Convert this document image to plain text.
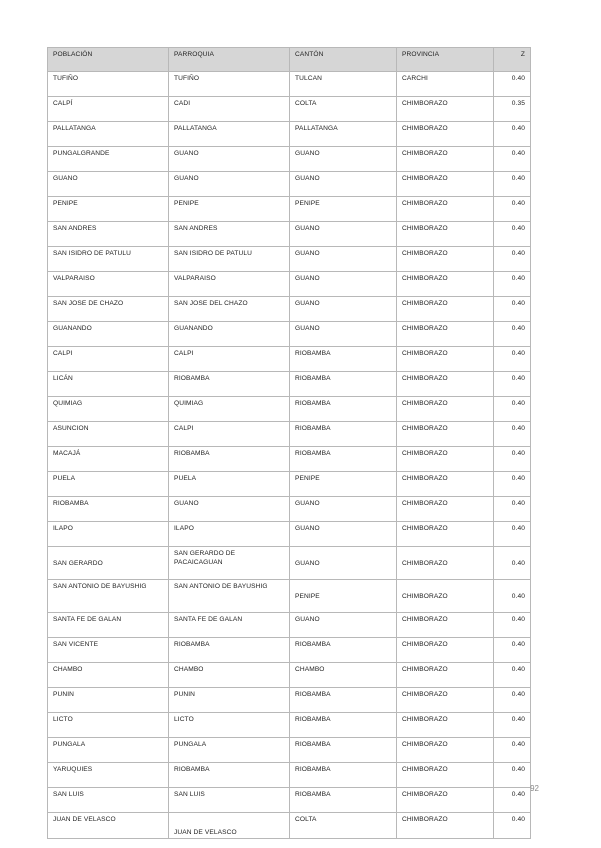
POBLACIÓN	PARROQUIA	CANTÓN	PROVINCIA	Z
TUFIÑO	TUFIÑO	TULCAN	CARCHI	0.40
CALPÍ	CADI	COLTA	CHIMBORAZO	0.35
PALLATANGA	PALLATANGA	PALLATANGA	CHIMBORAZO	0.40
PUNGALGRANDE	GUANO	GUANO	CHIMBORAZO	0.40
GUANO	GUANO	GUANO	CHIMBORAZO	0.40
PENIPE	PENIPE	PENIPE	CHIMBORAZO	0.40
SAN ANDRES	SAN ANDRES	GUANO	CHIMBORAZO	0.40
SAN ISIDRO DE PATULU	SAN ISIDRO DE PATULU	GUANO	CHIMBORAZO	0.40
VALPARAISO	VALPARAISO	GUANO	CHIMBORAZO	0.40
SAN JOSE DE CHAZO	SAN JOSE DEL CHAZO	GUANO	CHIMBORAZO	0.40
GUANANDO	GUANANDO	GUANO	CHIMBORAZO	0.40
CALPI	CALPI	RIOBAMBA	CHIMBORAZO	0.40
LICÁN	RIOBAMBA	RIOBAMBA	CHIMBORAZO	0.40
QUIMIAG	QUIMIAG	RIOBAMBA	CHIMBORAZO	0.40
ASUNCION	CALPI	RIOBAMBA	CHIMBORAZO	0.40
MACAJÁ	RIOBAMBA	RIOBAMBA	CHIMBORAZO	0.40
PUELA	PUELA	PENIPE	CHIMBORAZO	0.40
RIOBAMBA	GUANO	GUANO	CHIMBORAZO	0.40
ILAPO	ILAPO	GUANO	CHIMBORAZO	0.40
SAN GERARDO	SAN GERARDO DE PACAICAGUAN	GUANO	CHIMBORAZO	0.40
SAN ANTONIO DE BAYUSHIG	SAN ANTONIO DE BAYUSHIG	PENIPE	CHIMBORAZO	0.40
SANTA FE DE GALAN	SANTA FE DE GALAN	GUANO	CHIMBORAZO	0.40
SAN VICENTE	RIOBAMBA	RIOBAMBA	CHIMBORAZO	0.40
CHAMBO	CHAMBO	CHAMBO	CHIMBORAZO	0.40
PUNIN	PUNIN	RIOBAMBA	CHIMBORAZO	0.40
LICTO	LICTO	RIOBAMBA	CHIMBORAZO	0.40
PUNGALA	PUNGALA	RIOBAMBA	CHIMBORAZO	0.40
YARUQUIES	RIOBAMBA	RIOBAMBA	CHIMBORAZO	0.40
SAN LUIS	SAN LUIS	RIOBAMBA	CHIMBORAZO	0.40
JUAN DE VELASCO	JUAN DE VELASCO	COLTA	CHIMBORAZO	0.40
92
